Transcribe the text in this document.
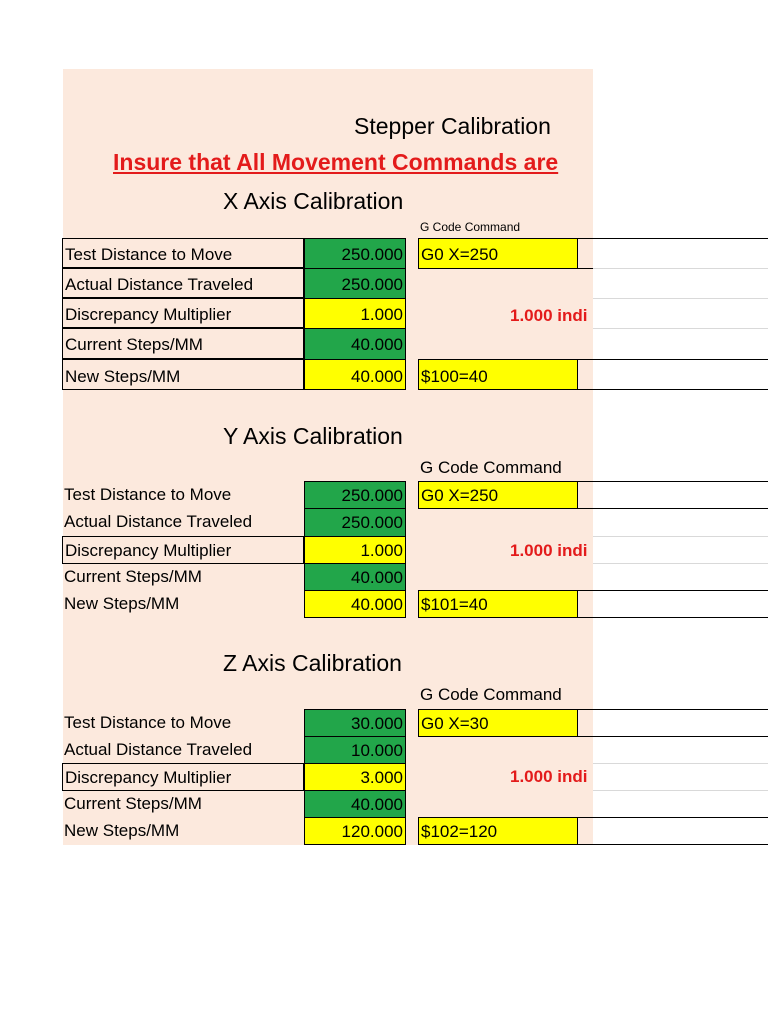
Stepper Calibration
Insure that All Movement Commands are
X Axis Calibration
G Code Command
Test Distance to Move
Actual Distance Traveled
Discrepancy Multiplier
Current Steps/MM
New Steps/MM
250.000
250.000
1.000
40.000
40.000
G0 X=250
1.000 indi
$100=40
Y Axis Calibration
G Code Command
Test Distance to Move
Actual Distance Traveled
Discrepancy Multiplier
Current Steps/MM
New Steps/MM
250.000
250.000
1.000
40.000
40.000
G0 X=250
1.000 indi
$101=40
Z Axis Calibration
G Code Command
Test Distance to Move
Actual Distance Traveled
Discrepancy Multiplier
Current Steps/MM
New Steps/MM
30.000
10.000
3.000
40.000
120.000
G0 X=30
1.000 indi
$102=120
